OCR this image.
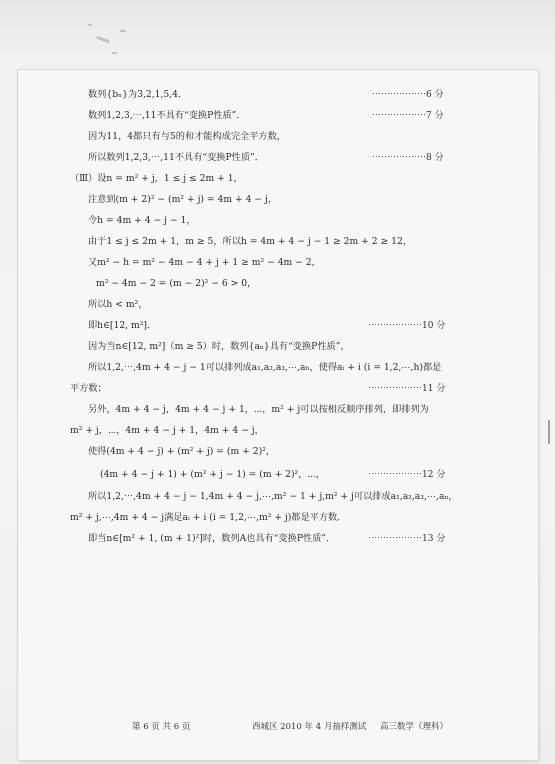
数列{bₙ}为3,2,1,5,4．
数列1,2,3,⋯,11不具有“变换P性质”．
因为11，4都只有与5的和才能构成完全平方数，
所以数列1,2,3,⋯,11不具有“变换P性质”．
（Ⅲ）设n = m² + j，1 ≤ j ≤ 2m + 1，
注意到(m + 2)² − (m² + j) = 4m + 4 − j，
令h = 4m + 4 − j − 1，
由于1 ≤ j ≤ 2m + 1，m ≥ 5，所以h = 4m + 4 − j − 1 ≥ 2m + 2 ≥ 12，
又m² − h = m² − 4m − 4 + j + 1 ≥ m² − 4m − 2，
m² − 4m − 2 = (m − 2)² − 6 > 0，
所以h < m²，
即h∈[12, m²]．
因为当n∈[12, m²]（m ≥ 5）时，数列{aₙ}具有“变换P性质”，
所以1,2,⋯,4m + 4 − j − 1可以排列成a₁,a₂,a₃,⋯,aₕ，使得aᵢ + i (i = 1,2,⋯,h)都是
平方数；
另外，4m + 4 − j，4m + 4 − j + 1，⋯，m² + j可以按相反顺序排列，即排列为
m² + j，⋯，4m + 4 − j + 1，4m + 4 − j，
使得(4m + 4 − j) + (m² + j) = (m + 2)²，
(4m + 4 − j + 1) + (m² + j − 1) = (m + 2)²，⋯，
所以1,2,⋯,4m + 4 − j − 1,4m + 4 − j,⋯,m² − 1 + j,m² + j可以排成a₁,a₂,a₃,⋯,aₙ，
m² + j,⋯,4m + 4 − j满足aᵢ + i (i = 1,2,⋯,m² + j)都是平方数．
即当n∈[m² + 1, (m + 1)²]时，数列A也具有“变换P性质”．
⋯⋯⋯⋯⋯⋯6 分
⋯⋯⋯⋯⋯⋯7 分
⋯⋯⋯⋯⋯⋯8 分
⋯⋯⋯⋯⋯⋯10 分
⋯⋯⋯⋯⋯⋯11 分
⋯⋯⋯⋯⋯⋯12 分
⋯⋯⋯⋯⋯⋯13 分
第 6 页 共 6 页	西城区 2010 年 4 月抽样测试 高三数学（理科）
